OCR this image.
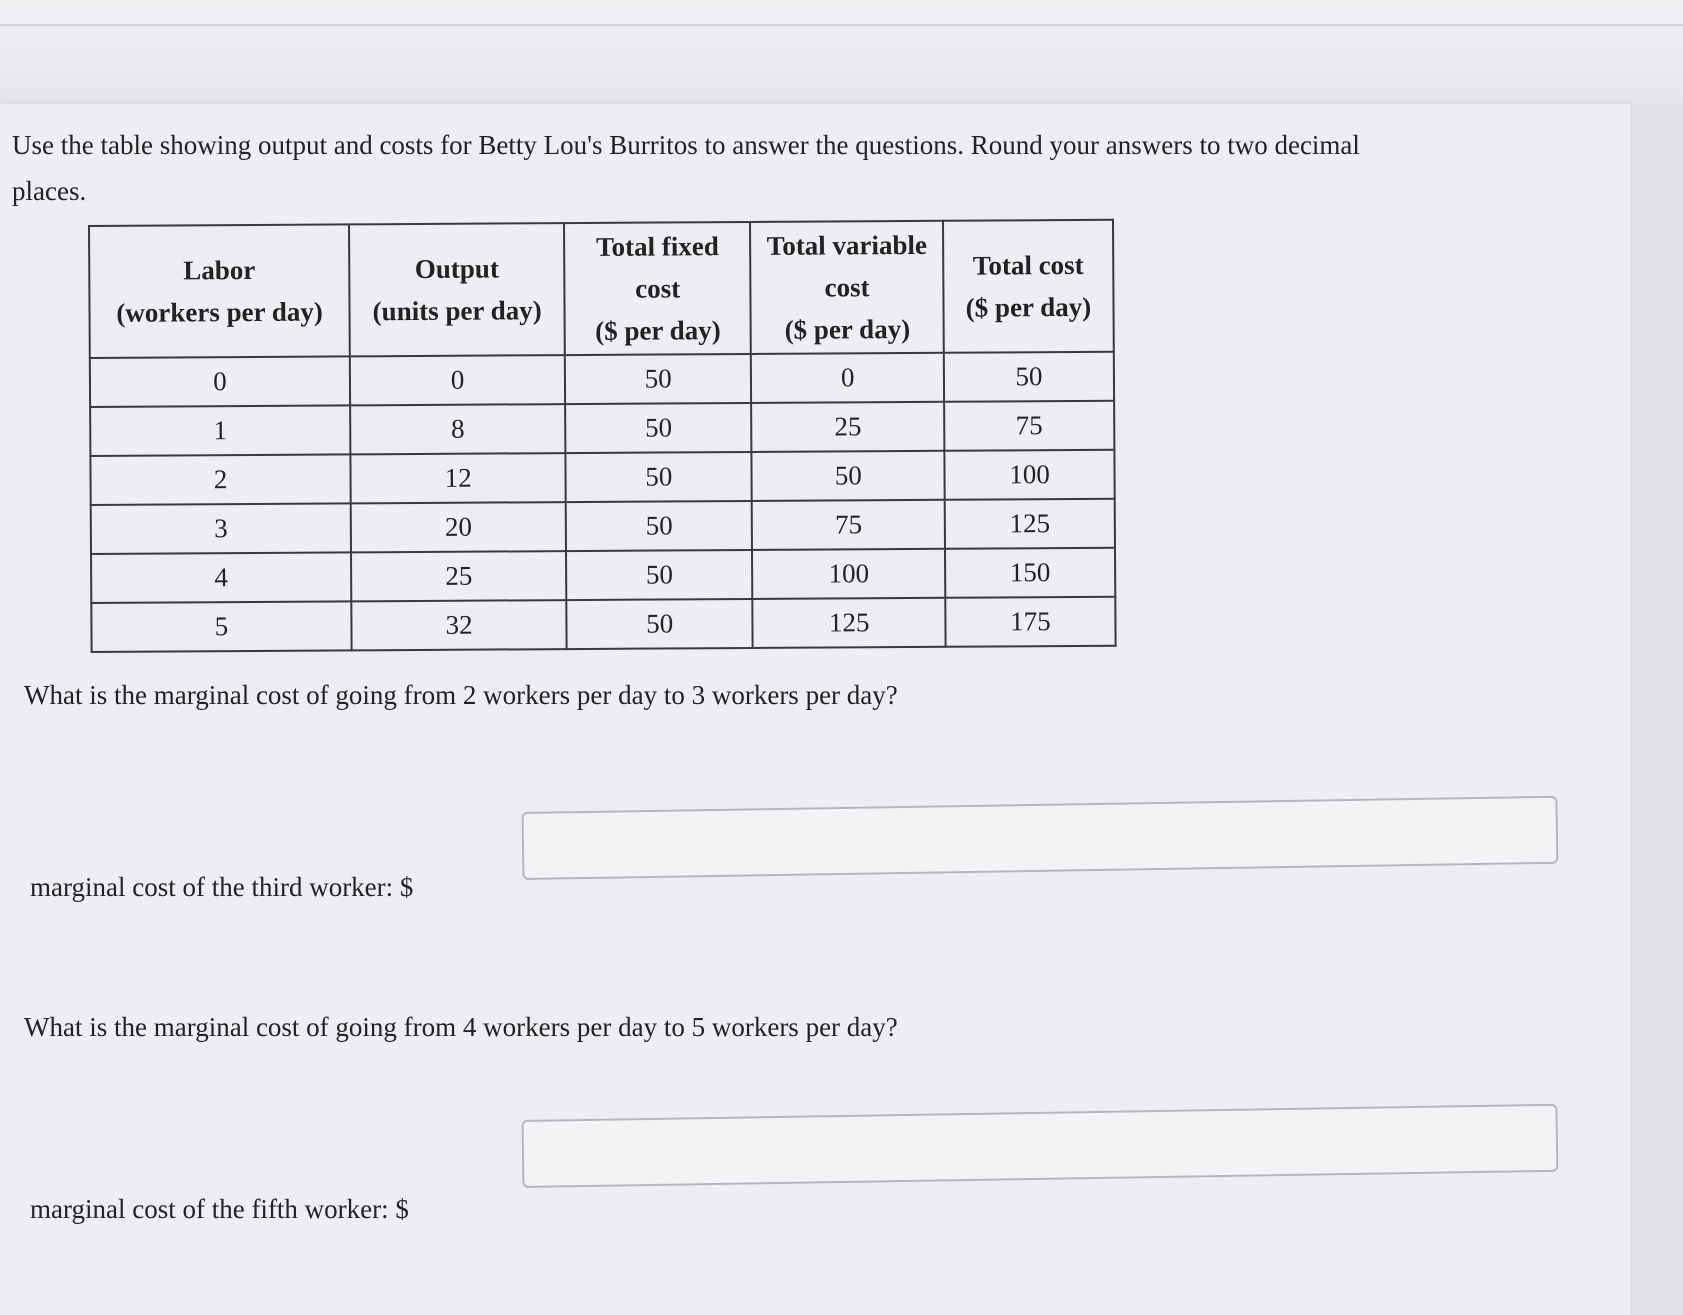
Use the table showing output and costs for Betty Lou's Burritos to answer the questions. Round your answers to two decimal places.

Labor
(workers per day)	Output
(units per day)	Total fixed
cost
($ per day)	Total variable
cost
($ per day)	Total cost
($ per day)
0	0	50	0	50
1	8	50	25	75
2	12	50	50	100
3	20	50	75	125
4	25	50	100	150
5	32	50	125	175

What is the marginal cost of going from 2 workers per day to 3 workers per day?

marginal cost of the third worker: $

What is the marginal cost of going from 4 workers per day to 5 workers per day?

marginal cost of the fifth worker: $
